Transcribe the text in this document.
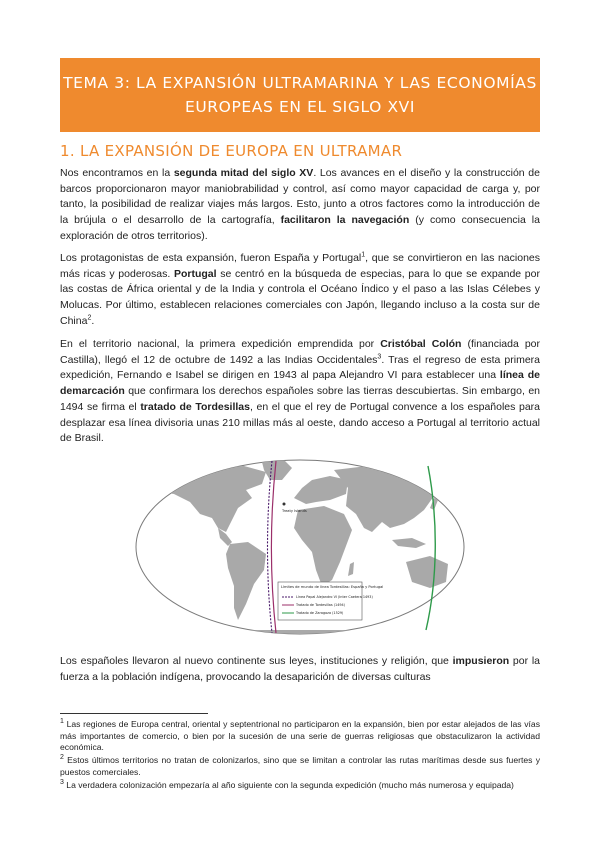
TEMA 3: LA EXPANSIÓN ULTRAMARINA Y LAS ECONOMÍAS
EUROPEAS EN EL SIGLO XVI
1. LA EXPANSIÓN DE EUROPA EN ULTRAMAR

Nos encontramos en la segunda mitad del siglo XV. Los avances en el diseño y la construcción de barcos proporcionaron mayor maniobrabilidad y control, así como mayor capacidad de carga y, por tanto, la posibilidad de realizar viajes más largos. Esto, junto a otros factores como la introducción de la brújula o el desarrollo de la cartografía, facilitaron la navegación (y como consecuencia la exploración de otros territorios).

Los protagonistas de esta expansión, fueron España y Portugal$^1$, que se convirtieron en las naciones más ricas y poderosas. Portugal se centró en la búsqueda de especias, para lo que se expande por las costas de África oriental y de la India y controla el Océano Índico y el paso a las Islas Célebes y Molucas. Por último, establecen relaciones comerciales con Japón, llegando incluso a la costa sur de China$^2$.

En el territorio nacional, la primera expedición emprendida por Cristóbal Colón (financiada por Castilla), llegó el 12 de octubre de 1492 a las Indias Occidentales$^3$. Tras el regreso de esta primera expedición, Fernando e Isabel se dirigen en 1943 al papa Alejandro VI para establecer una línea de demarcación que confirmara los derechos españoles sobre las tierras descubiertas. Sin embargo, en 1494 se firma el tratado de Tordesillas, en el que el rey de Portugal convence a los españoles para desplazar esa línea divisoria unas 210 millas más al oeste, dando acceso a Portugal al territorio actual de Brasil.

Treaty Islands
Límites de mundo de línea Tordesillas: España y Portugal
Línea Papal Alejandro VI (Inter Caetera 1493)
Tratado de Tordesillas (1494)
Tratado de Zaragoza (1529)

Los españoles llevaron al nuevo continente sus leyes, instituciones y religión, que impusieron por la fuerza a la población indígena, provocando la desaparición de diversas culturas

$^1$ Las regiones de Europa central, oriental y septentrional no participaron en la expansión, bien por estar alejados de las vías más importantes de comercio, o bien por la sucesión de una serie de guerras religiosas que obstaculizaron la actividad económica.

$^2$ Estos últimos territorios no tratan de colonizarlos, sino que se limitan a controlar las rutas marítimas desde sus fuertes y puestos comerciales.

$^3$ La verdadera colonización empezaría al año siguiente con la segunda expedición (mucho más numerosa y equipada)
